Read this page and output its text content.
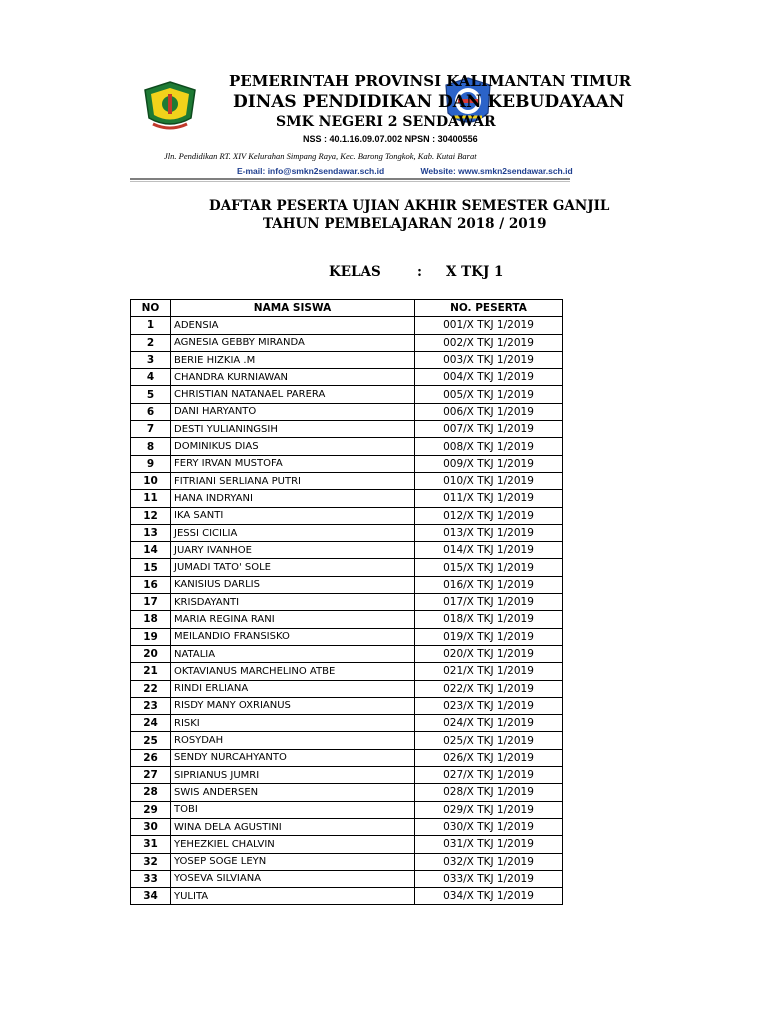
PEMERINTAH PROVINSI KALIMANTAN TIMUR
DINAS PENDIDIKAN DAN KEBUDAYAAN
SMK NEGERI 2 SENDAWAR
NSS : 40.1.16.09.07.002 NPSN : 30400556
Jln. Pendidikan RT. XIV Kelurahan Simpang Raya, Kec. Barong Tongkok, Kab. Kutai Barat
E-mail: info@smkn2sendawar.sch.id	Website: www.smkn2sendawar.sch.id
DAFTAR PESERTA UJIAN AKHIR SEMESTER GANJIL
TAHUN PEMBELAJARAN 2018 / 2019
KELAS	: X TKJ 1
NO	NAMA SISWA	NO. PESERTA
1	ADENSIA	001/X TKJ 1/2019
2	AGNESIA GEBBY MIRANDA	002/X TKJ 1/2019
3	BERIE HIZKIA .M	003/X TKJ 1/2019
4	CHANDRA KURNIAWAN	004/X TKJ 1/2019
5	CHRISTIAN NATANAEL PARERA	005/X TKJ 1/2019
6	DANI HARYANTO	006/X TKJ 1/2019
7	DESTI YULIANINGSIH	007/X TKJ 1/2019
8	DOMINIKUS DIAS	008/X TKJ 1/2019
9	FERY IRVAN MUSTOFA	009/X TKJ 1/2019
10	FITRIANI SERLIANA PUTRI	010/X TKJ 1/2019
11	HANA INDRYANI	011/X TKJ 1/2019
12	IKA SANTI	012/X TKJ 1/2019
13	JESSI CICILIA	013/X TKJ 1/2019
14	JUARY IVANHOE	014/X TKJ 1/2019
15	JUMADI TATO' SOLE	015/X TKJ 1/2019
16	KANISIUS DARLIS	016/X TKJ 1/2019
17	KRISDAYANTI	017/X TKJ 1/2019
18	MARIA REGINA RANI	018/X TKJ 1/2019
19	MEILANDIO FRANSISKO	019/X TKJ 1/2019
20	NATALIA	020/X TKJ 1/2019
21	OKTAVIANUS MARCHELINO ATBE	021/X TKJ 1/2019
22	RINDI ERLIANA	022/X TKJ 1/2019
23	RISDY MANY OXRIANUS	023/X TKJ 1/2019
24	RISKI	024/X TKJ 1/2019
25	ROSYDAH	025/X TKJ 1/2019
26	SENDY NURCAHYANTO	026/X TKJ 1/2019
27	SIPRIANUS JUMRI	027/X TKJ 1/2019
28	SWIS ANDERSEN	028/X TKJ 1/2019
29	TOBI	029/X TKJ 1/2019
30	WINA DELA AGUSTINI	030/X TKJ 1/2019
31	YEHEZKIEL CHALVIN	031/X TKJ 1/2019
32	YOSEP SOGE LEYN	032/X TKJ 1/2019
33	YOSEVA SILVIANA	033/X TKJ 1/2019
34	YULITA	034/X TKJ 1/2019
